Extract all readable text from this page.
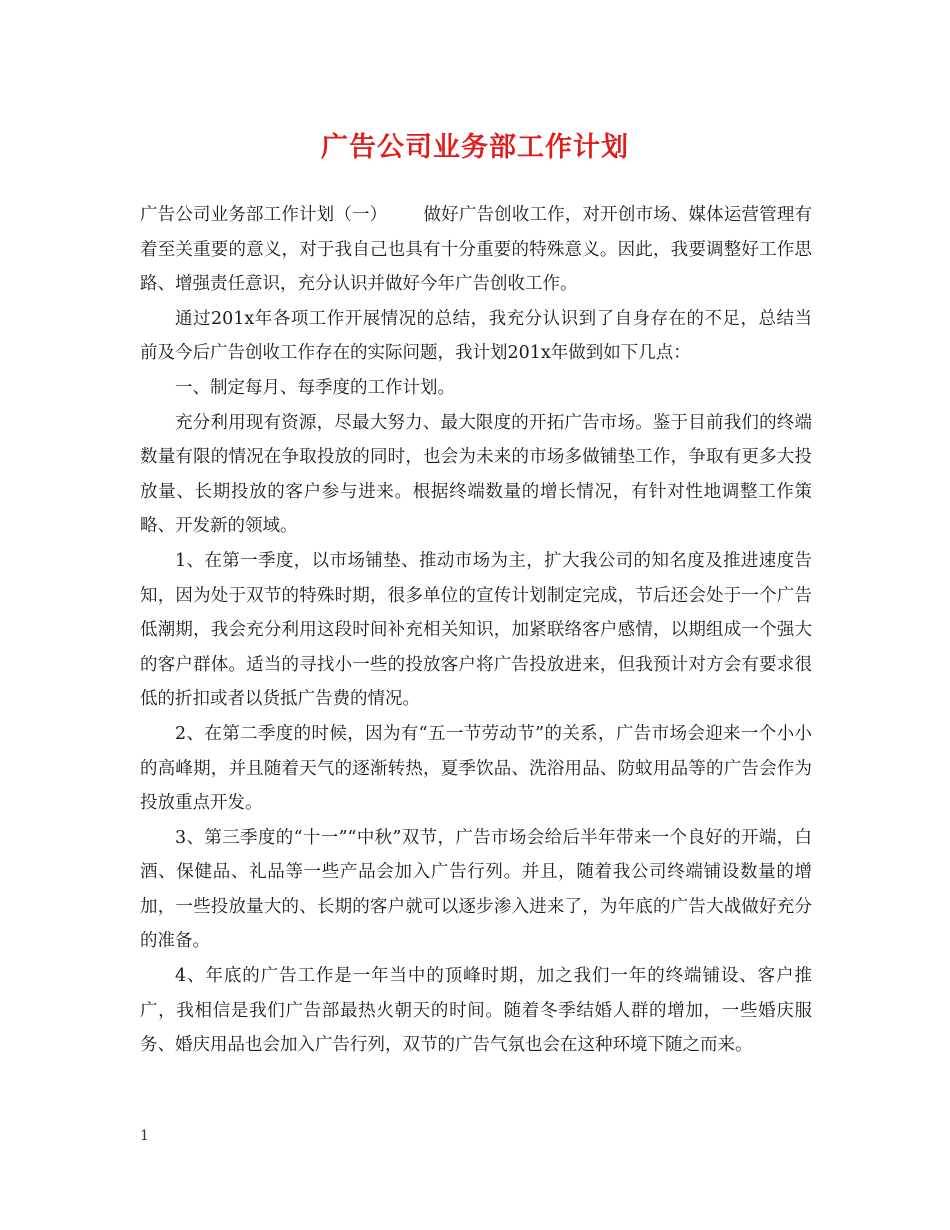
广告公司业务部工作计划

广告公司业务部工作计划（一） 做好广告创收工作，对开创市场、媒体运营管理有着至关重要的意义，对于我自己也具有十分重要的特殊意义。因此，我要调整好工作思路、增强责任意识，充分认识并做好今年广告创收工作。

通过201x年各项工作开展情况的总结，我充分认识到了自身存在的不足，总结当前及今后广告创收工作存在的实际问题，我计划201x年做到如下几点：

一、制定每月、每季度的工作计划。

充分利用现有资源，尽最大努力、最大限度的开拓广告市场。鉴于目前我们的终端数量有限的情况在争取投放的同时，也会为未来的市场多做铺垫工作，争取有更多大投放量、长期投放的客户参与进来。根据终端数量的增长情况，有针对性地调整工作策略、开发新的领域。

1、在第一季度，以市场铺垫、推动市场为主，扩大我公司的知名度及推进速度告知，因为处于双节的特殊时期，很多单位的宣传计划制定完成，节后还会处于一个广告低潮期，我会充分利用这段时间补充相关知识，加紧联络客户感情，以期组成一个强大的客户群体。适当的寻找小一些的投放客户将广告投放进来，但我预计对方会有要求很低的折扣或者以货抵广告费的情况。

2、在第二季度的时候，因为有“五一节劳动节”的关系，广告市场会迎来一个小小的高峰期，并且随着天气的逐渐转热，夏季饮品、洗浴用品、防蚊用品等的广告会作为投放重点开发。

3、第三季度的“十一”“中秋”双节，广告市场会给后半年带来一个良好的开端，白酒、保健品、礼品等一些产品会加入广告行列。并且，随着我公司终端铺设数量的增加，一些投放量大的、长期的客户就可以逐步渗入进来了，为年底的广告大战做好充分的准备。

4、年底的广告工作是一年当中的顶峰时期，加之我们一年的终端铺设、客户推广，我相信是我们广告部最热火朝天的时间。随着冬季结婚人群的增加，一些婚庆服务、婚庆用品也会加入广告行列，双节的广告气氛也会在这种环境下随之而来。

1
